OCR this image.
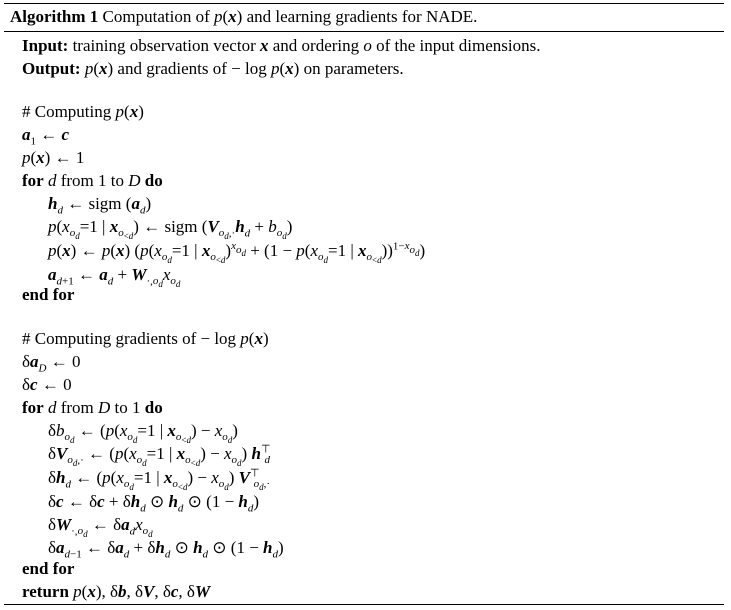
Algorithm 1 Computation of p(x) and learning gradients for NADE.
Input: training observation vector x and ordering o of the input dimensions.
Output: p(x) and gradients of − log p(x) on parameters.
# Computing p(x)
$a_1$ ← c
p(x) ← 1
for d from 1 to D do
$h_d$ ← sigm $(a_d)$
$p(x_{o_d}=1$ | $x_{o_{<d}}$) ← sigm $(V_{o_d,\cdot}h_d + b_{o_d})$
p(x) ← p(x) ($p(x_{o_d}=1$ | $x_{o_{<d}})^{x_{o_d}} + (1 - p(x_{o_d}=1$ | $x_{o_{<d}}))^{1-x_{o_d}}$)
$a_{d+1}$ ← $a_d + W_{\cdot,o_d}x_{o_d}$
end for
# Computing gradients of − log p(x)
$\delta a_D$ ← 0
δc ← 0
for d from D to 1 do
$\delta b_{o_d}$ ← ($p(x_{o_d}=1$ | $x_{o_{<d}}) - x_{o_d}$)
$\delta V_{o_d,\cdot}$ ← ($p(x_{o_d}=1$ | $x_{o_{<d}}) - x_{o_d}$) $h^⊤_d$
$\delta h_d$ ← ($p(x_{o_d}=1$ | $x_{o_{<d}}) - x_{o_d}$) $V^⊤_{o_d,\cdot}$
δc ← $\delta c + \delta h_d$ ⊙ $h_d$ ⊙ $(1 - h_d)$
$\delta W_{\cdot,o_d}$ ← $\delta a_dx_{o_d}$
$\delta a_{d-1}$ ← $\delta a_d + \delta h_d$ ⊙ $h_d$ ⊙ $(1 - h_d)$
end for
return p(x), δb, δV, δc, δW
